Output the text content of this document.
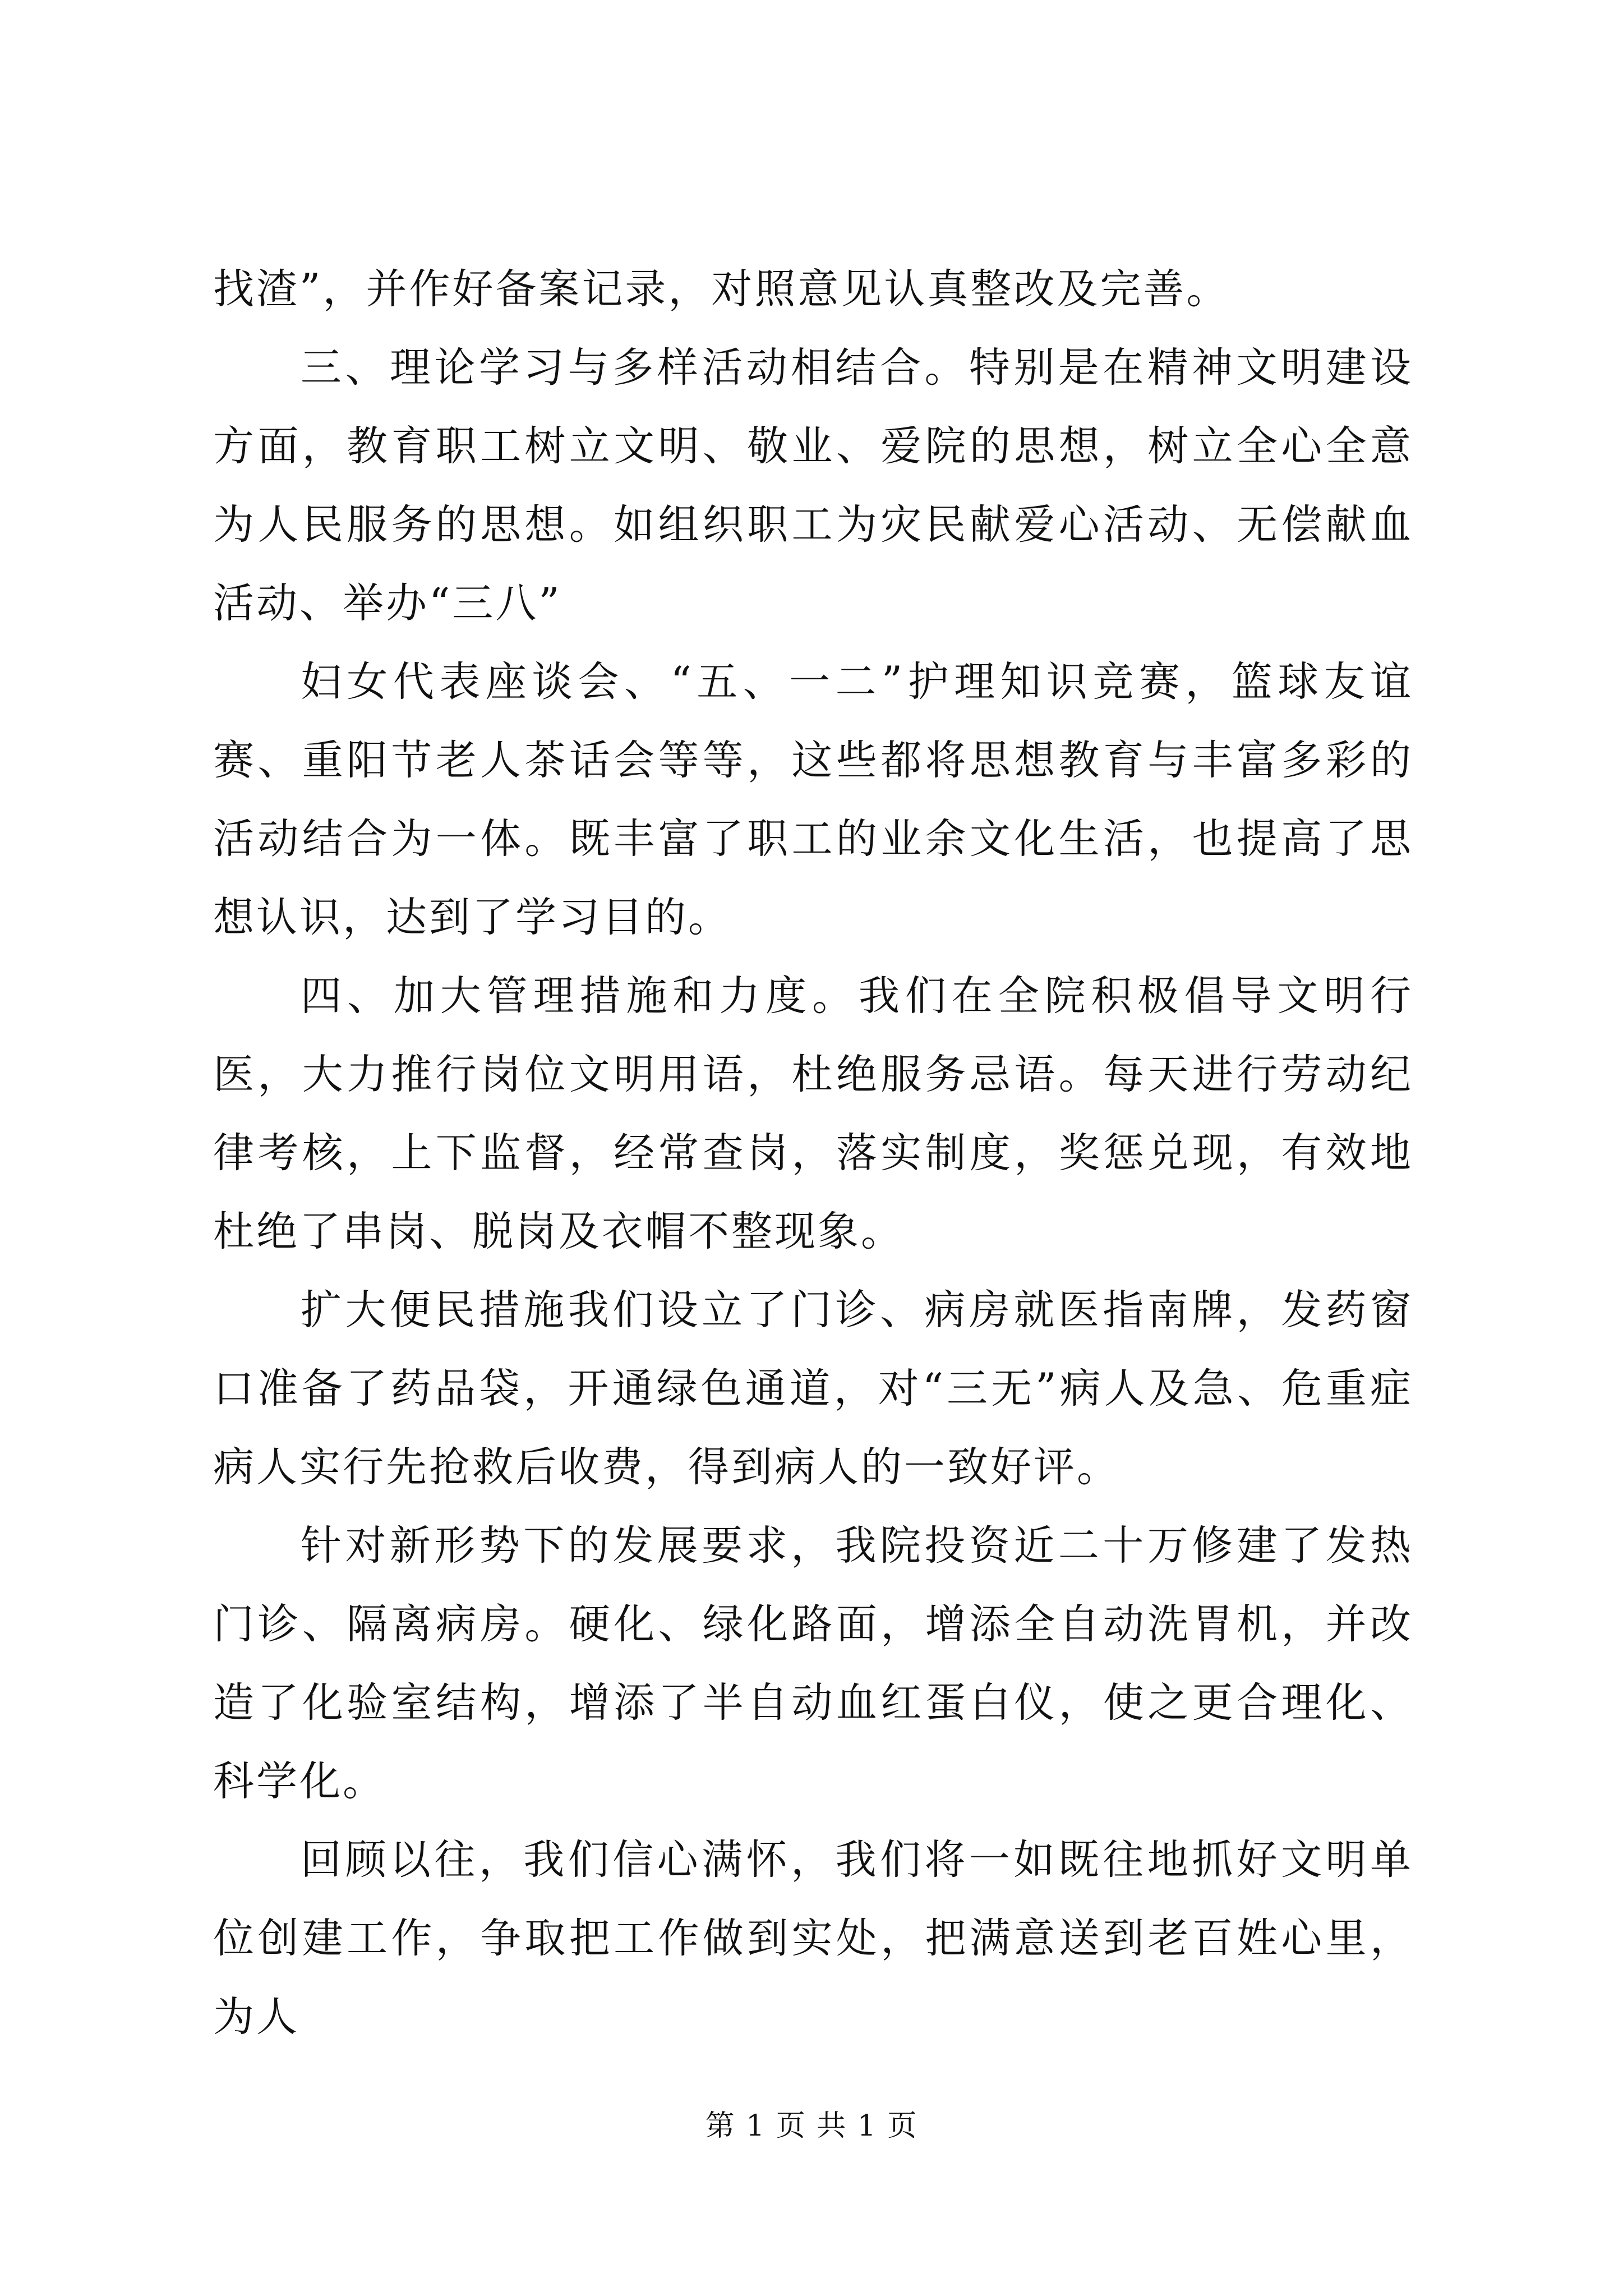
找渣”，并作好备案记录，对照意见认真整改及完善。

三、理论学习与多样活动相结合。特别是在精神文明建设方面，教育职工树立文明、敬业、爱院的思想，树立全心全意为人民服务的思想。如组织职工为灾民献爱心活动、无偿献血活动、举办“三八”

妇女代表座谈会、“五、一二”护理知识竞赛，篮球友谊赛、重阳节老人茶话会等等，这些都将思想教育与丰富多彩的活动结合为一体。既丰富了职工的业余文化生活，也提高了思想认识，达到了学习目的。

四、加大管理措施和力度。我们在全院积极倡导文明行医，大力推行岗位文明用语，杜绝服务忌语。每天进行劳动纪律考核，上下监督，经常查岗，落实制度，奖惩兑现，有效地杜绝了串岗、脱岗及衣帽不整现象。

扩大便民措施我们设立了门诊、病房就医指南牌，发药窗口准备了药品袋，开通绿色通道，对“三无”病人及急、危重症病人实行先抢救后收费，得到病人的一致好评。

针对新形势下的发展要求，我院投资近二十万修建了发热门诊、隔离病房。硬化、绿化路面，增添全自动洗胃机，并改造了化验室结构，增添了半自动血红蛋白仪，使之更合理化、科学化。

回顾以往，我们信心满怀，我们将一如既往地抓好文明单位创建工作，争取把工作做到实处，把满意送到老百姓心里，为人

第 1 页 共 1 页
